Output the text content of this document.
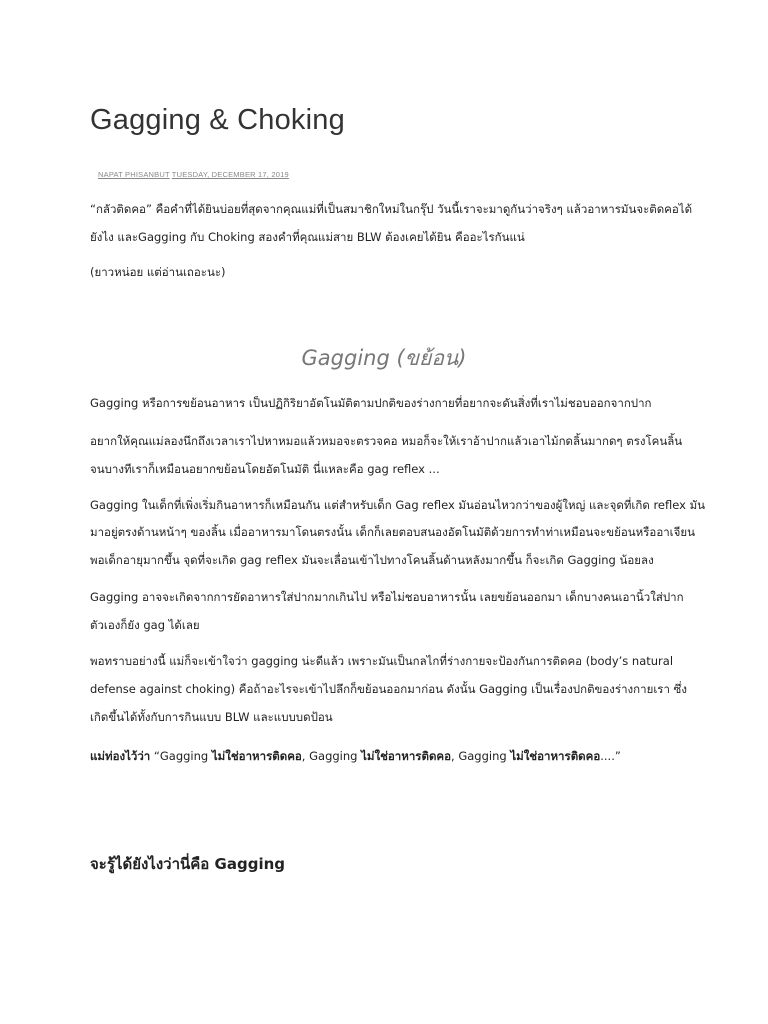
Gagging & Choking
NAPAT PHISANBUT TUESDAY, DECEMBER 17, 2019

“กลัวติดคอ” คือคำที่ได้ยินบ่อยที่สุดจากคุณแม่ที่เป็นสมาชิกใหม่ในกรุ๊ป วันนี้เราจะมาดูกันว่าจริงๆ แล้วอาหารมันจะติดคอได้

ยังไง และGagging กับ Choking สองคำที่คุณแม่สาย BLW ต้องเคยได้ยิน คืออะไรกันแน่

(ยาวหน่อย แต่อ่านเถอะนะ)

Gagging (ขย้อน)

Gagging หรือการขย้อนอาหาร เป็นปฏิกิริยาอัตโนมัติตามปกติของร่างกายที่อยากจะดันสิ่งที่เราไม่ชอบออกจากปาก

อยากให้คุณแม่ลองนึกถึงเวลาเราไปหาหมอแล้วหมอจะตรวจคอ หมอก็จะให้เราอ้าปากแล้วเอาไม้กดลิ้นมากดๆ ตรงโคนลิ้น

จนบางทีเราก็เหมือนอยากขย้อนโดยอัตโนมัติ นี่แหละคือ gag reflex ...

Gagging ในเด็กที่เพิ่งเริ่มกินอาหารก็เหมือนกัน แต่สำหรับเด็ก Gag reflex มันอ่อนไหวกว่าของผู้ใหญ่ และจุดที่เกิด reflex มัน

มาอยู่ตรงด้านหน้าๆ ของลิ้น เมื่ออาหารมาโดนตรงนั้น เด็กก็เลยตอบสนองอัตโนมัติด้วยการทำท่าเหมือนจะขย้อนหรืออาเจียน

พอเด็กอายุมากขึ้น จุดที่จะเกิด gag reflex มันจะเลื่อนเข้าไปทางโคนลิ้นด้านหลังมากขึ้น ก็จะเกิด Gagging น้อยลง

Gagging อาจจะเกิดจากการยัดอาหารใส่ปากมากเกินไป หรือไม่ชอบอาหารนั้น เลยขย้อนออกมา เด็กบางคนเอานิ้วใส่ปาก

ตัวเองก็ยัง gag ได้เลย

พอทราบอย่างนี้ แม่ก็จะเข้าใจว่า gagging น่ะดีแล้ว เพราะมันเป็นกลไกที่ร่างกายจะป้องกันการติดคอ (body’s natural

defense against choking) คือถ้าอะไรจะเข้าไปลึกก็ขย้อนออกมาก่อน ดังนั้น Gagging เป็นเรื่องปกติของร่างกายเรา ซึ่ง

เกิดขึ้นได้ทั้งกับการกินแบบ BLW และแบบบดป้อน

แม่ท่องไว้ว่า “Gagging ไม่ใช่อาหารติดคอ, Gagging ไม่ใช่อาหารติดคอ, Gagging ไม่ใช่อาหารติดคอ....”

จะรู้ได้ยังไงว่านี่คือ Gagging
